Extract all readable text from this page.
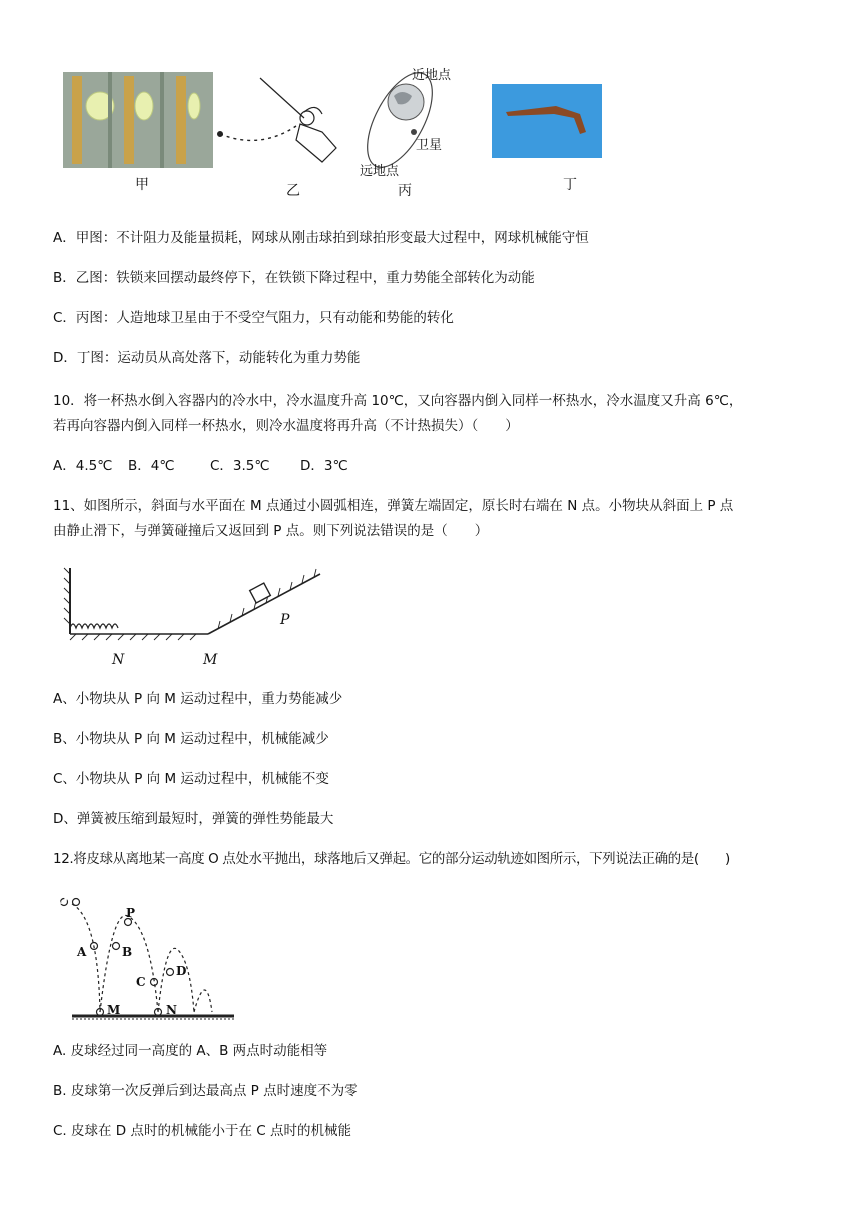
甲	乙	丙	丁
近地点
卫星
远地点
A．甲图：不计阻力及能量损耗，网球从刚击球拍到球拍形变最大过程中，网球机械能守恒
B．乙图：铁锁来回摆动最终停下，在铁锁下降过程中，重力势能全部转化为动能
C．丙图：人造地球卫星由于不受空气阻力，只有动能和势能的转化
D．丁图：运动员从高处落下，动能转化为重力势能
10．将一杯热水倒入容器内的冷水中，冷水温度升高 10℃，又向容器内倒入同样一杯热水，冷水温度又升高 6℃，
若再向容器内倒入同样一杯热水，则冷水温度将再升高（不计热损失）（　　）
A．4.5℃ B．4℃	C．3.5℃ D．3℃
11、如图所示，斜面与水平面在 M 点通过小圆弧相连，弹簧左端固定，原长时右端在 N 点。小物块从斜面上 P 点
由静止滑下，与弹簧碰撞后又返回到 P 点。则下列说法错误的是（　　）
N	M
P
A、小物块从 P 向 M 运动过程中，重力势能减少
B、小物块从 P 向 M 运动过程中，机械能减少
C、小物块从 P 向 M 运动过程中，机械能不变
D、弹簧被压缩到最短时，弹簧的弹性势能最大
12.将皮球从离地某一高度 O 点处水平抛出，球落地后又弹起。它的部分运动轨迹如图所示，下列说法正确的是(　　)
O
A	B
P
C
D
M	N
A. 皮球经过同一高度的 A、B 两点时动能相等
B. 皮球第一次反弹后到达最高点 P 点时速度不为零
C. 皮球在 D 点时的机械能小于在 C 点时的机械能
